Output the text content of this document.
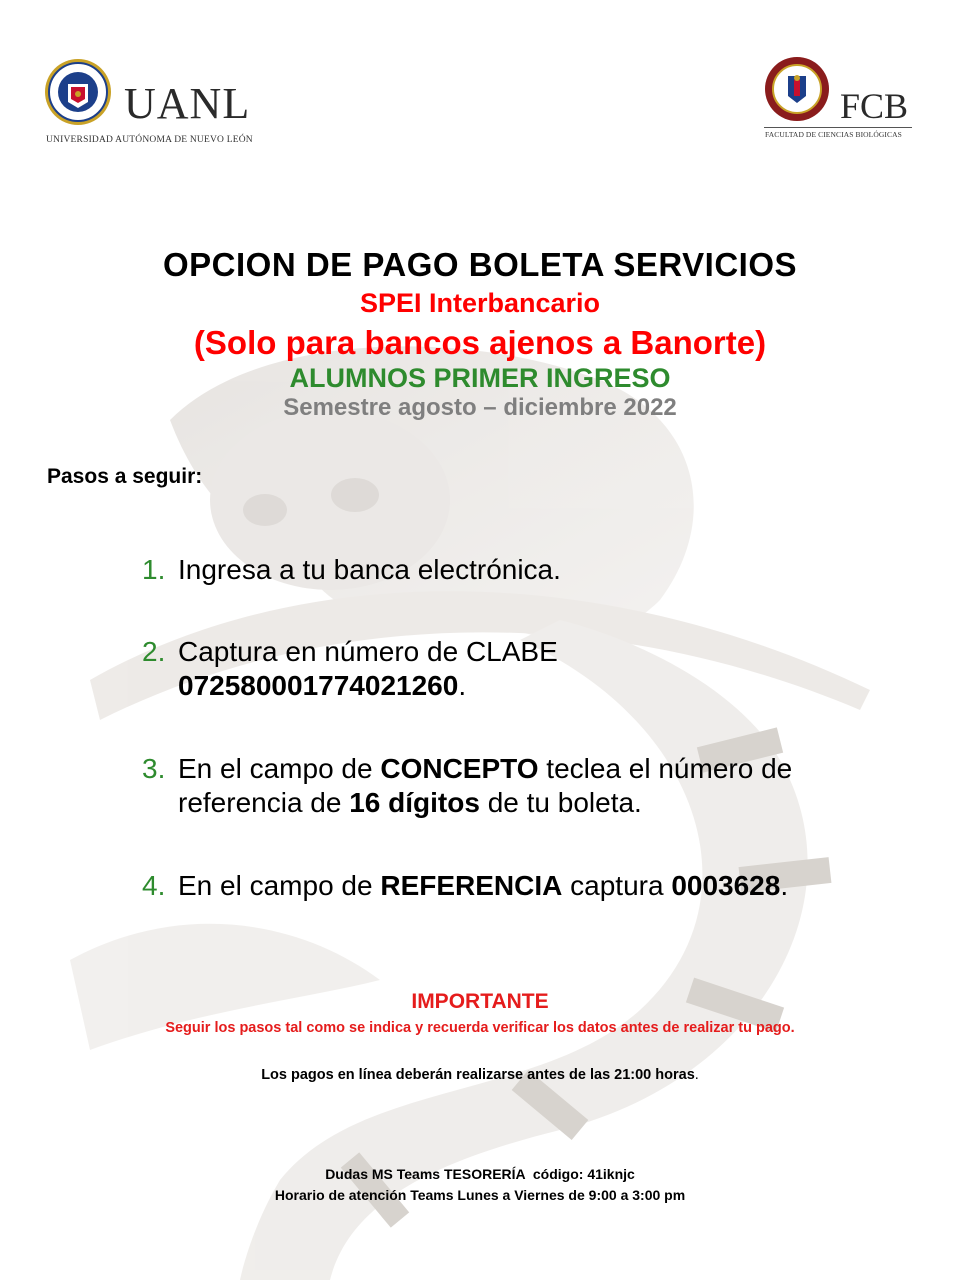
UANL
UNIVERSIDAD AUTÓNOMA DE NUEVO LEÓN
FCB
FACULTAD DE CIENCIAS BIOLÓGICAS
OPCION DE PAGO BOLETA SERVICIOS
SPEI Interbancario
(Solo para bancos ajenos a Banorte)
ALUMNOS PRIMER INGRESO
Semestre agosto – diciembre 2022
Pasos a seguir:
1. Ingresa a tu banca electrónica.
2. Captura en número de CLABE
072580001774021260.
3. En el campo de CONCEPTO teclea el número de referencia de 16 dígitos de tu boleta.
4. En el campo de REFERENCIA captura 0003628.
IMPORTANTE
Seguir los pasos tal como se indica y recuerda verificar los datos antes de realizar tu pago.
Los pagos en línea deberán realizarse antes de las 21:00 horas.
Dudas MS Teams TESORERÍA  código: 41iknjc
Horario de atención Teams Lunes a Viernes de 9:00 a 3:00 pm
